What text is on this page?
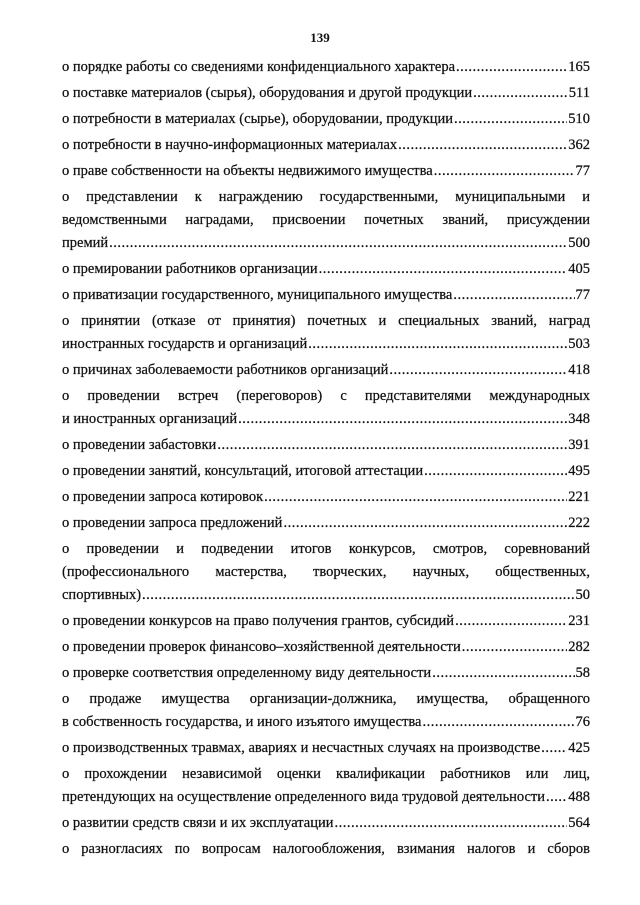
139
о порядке работы со сведениями конфиденциального характера .....	165
о поставке материалов (сырья), оборудования и другой продукции .....	511
о потребности в материалах (сырье), оборудовании, продукции .....	510
о потребности в научно-информационных материалах .....	362
о праве собственности на объекты недвижимого имущества .....	77
о представлении к награждению государственными, муниципальными и
ведомственными наградами, присвоении почетных званий, присуждении
премий .....	500
о премировании работников организации .....	405
о приватизации государственного, муниципального имущества .....	77
о принятии (отказе от принятия) почетных и специальных званий, наград
иностранных государств и организаций .....	503
о причинах заболеваемости работников организаций .....	418
о проведении встреч (переговоров) с представителями международных
и иностранных организаций .....	348
о проведении забастовки .....	391
о проведении занятий, консультаций, итоговой аттестации .....	495
о проведении запроса котировок .....	221
о проведении запроса предложений .....	222
о проведении и подведении итогов конкурсов, смотров, соревнований
(профессионального мастерства, творческих, научных, общественных,
спортивных) .....	50
о проведении конкурсов на право получения грантов, субсидий .....	231
о проведении проверок финансово–хозяйственной деятельности .....	282
о проверке соответствия определенному виду деятельности .....	58
о продаже имущества организации-должника, имущества, обращенного
в собственность государства, и иного изъятого имущества .....	76
о производственных травмах, авариях и несчастных случаях на производстве ..... 425
о прохождении независимой оценки квалификации работников или лиц,
претендующих на осуществление определенного вида трудовой деятельности ..... 488
о развитии средств связи и их эксплуатации .....	564
о разногласиях по вопросам налогообложения, взимания налогов и сборов
